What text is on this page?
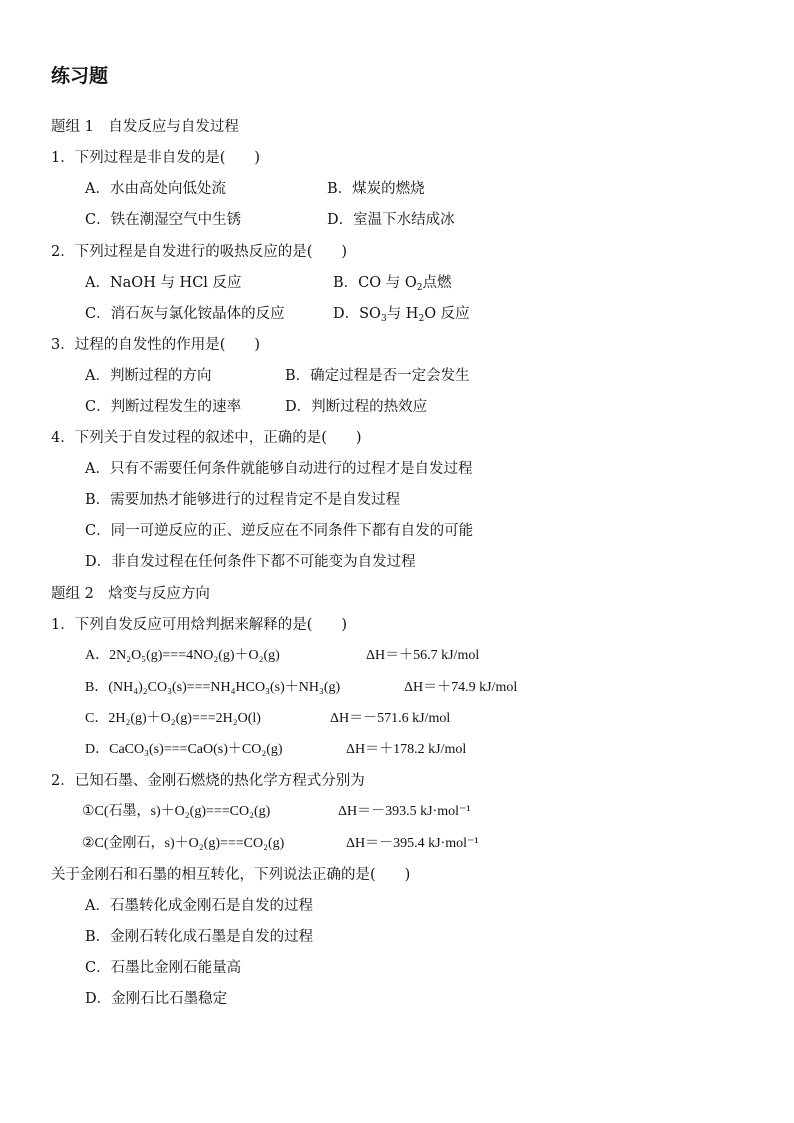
练习题
题组 1　自发反应与自发过程
1．下列过程是非自发的是(　　)
A．水由高处向低处流	B．煤炭的燃烧
C．铁在潮湿空气中生锈	D．室温下水结成冰
2．下列过程是自发进行的吸热反应的是(　　)
A．NaOH 与 HCl 反应	B．CO 与 $O_2$点燃
C．消石灰与氯化铵晶体的反应	D．$SO_3$与 $H_2O$ 反应
3．过程的自发性的作用是(　　)
A．判断过程的方向	B．确定过程是否一定会发生
C．判断过程发生的速率	D．判断过程的热效应
4．下列关于自发过程的叙述中，正确的是(　　)
A．只有不需要任何条件就能够自动进行的过程才是自发过程
B．需要加热才能够进行的过程肯定不是自发过程
C．同一可逆反应的正、逆反应在不同条件下都有自发的可能
D．非自发过程在任何条件下都不可能变为自发过程
题组 2　焓变与反应方向
1．下列自发反应可用焓判据来解释的是(　　)
A．2N₂O₅(g)===4NO₂(g)＋O₂(g)	ΔH＝＋56.7 kJ/mol
B．(NH₄)₂CO₃(s)===NH₄HCO₃(s)＋NH₃(g)	ΔH＝＋74.9 kJ/mol
C．2H₂(g)＋O₂(g)===2H₂O(l)	ΔH＝－571.6 kJ/mol
D．CaCO₃(s)===CaO(s)＋CO₂(g)	ΔH＝＋178.2 kJ/mol
2．已知石墨、金刚石燃烧的热化学方程式分别为
①C(石墨，s)＋O₂(g)===CO₂(g)	ΔH＝－393.5 kJ·mol⁻¹
②C(金刚石，s)＋O₂(g)===CO₂(g)	ΔH＝－395.4 kJ·mol⁻¹
关于金刚石和石墨的相互转化，下列说法正确的是(　　)
A．石墨转化成金刚石是自发的过程
B．金刚石转化成石墨是自发的过程
C．石墨比金刚石能量高
D．金刚石比石墨稳定
